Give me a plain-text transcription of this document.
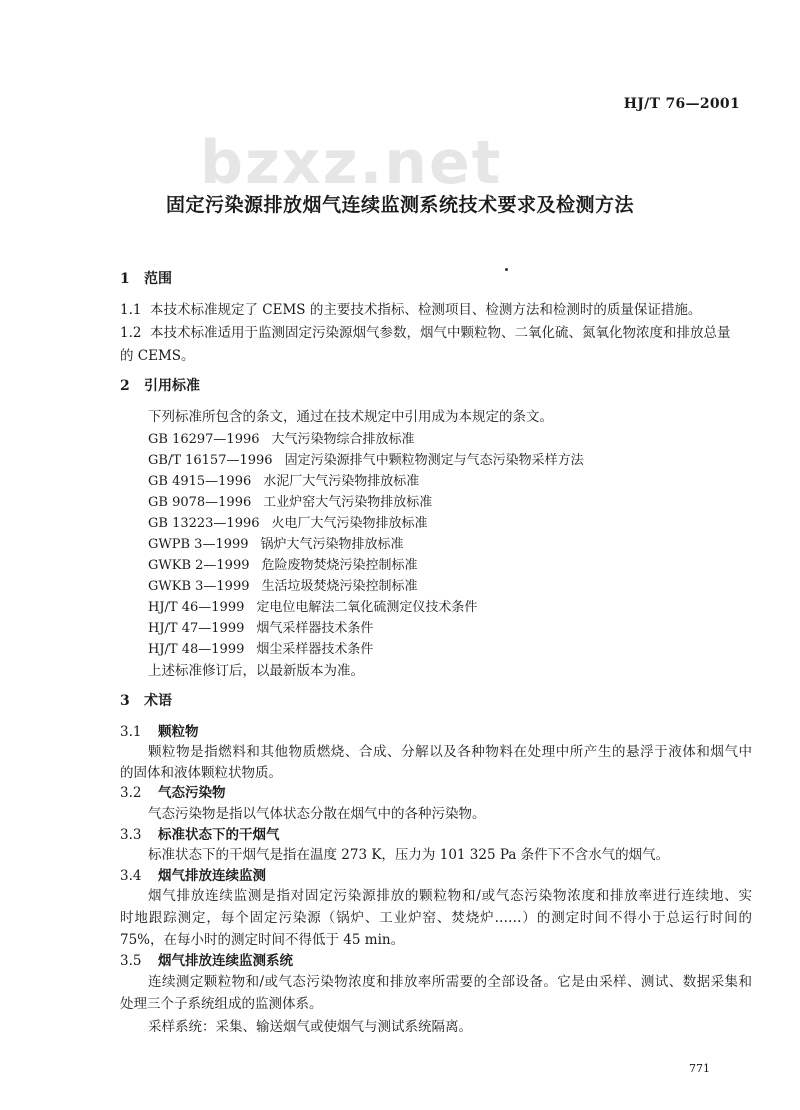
HJ/T 76—2001
bzxz.net
固定污染源排放烟气连续监测系统技术要求及检测方法
1 范围
1.1 本技术标准规定了 CEMS 的主要技术指标、检测项目、检测方法和检测时的质量保证措施。
1.2 本技术标准适用于监测固定污染源烟气参数，烟气中颗粒物、二氧化硫、氮氧化物浓度和排放总量
的 CEMS。
2 引用标准
下列标准所包含的条文，通过在技术规定中引用成为本规定的条文。
GB 16297—1996 大气污染物综合排放标准
GB/T 16157—1996 固定污染源排气中颗粒物测定与气态污染物采样方法
GB 4915—1996 水泥厂大气污染物排放标准
GB 9078—1996 工业炉窑大气污染物排放标准
GB 13223—1996 火电厂大气污染物排放标准
GWPB 3—1999 锅炉大气污染物排放标准
GWKB 2—1999 危险废物焚烧污染控制标准
GWKB 3—1999 生活垃圾焚烧污染控制标准
HJ/T 46—1999 定电位电解法二氧化硫测定仪技术条件
HJ/T 47—1999 烟气采样器技术条件
HJ/T 48—1999 烟尘采样器技术条件
上述标准修订后，以最新版本为准。
3 术语
3.1 颗粒物
颗粒物是指燃料和其他物质燃烧、合成、分解以及各种物料在处理中所产生的悬浮于液体和烟气中
的固体和液体颗粒状物质。
3.2 气态污染物
气态污染物是指以气体状态分散在烟气中的各种污染物。
3.3 标准状态下的干烟气
标准状态下的干烟气是指在温度 273 K，压力为 101 325 Pa 条件下不含水气的烟气。
3.4 烟气排放连续监测
烟气排放连续监测是指对固定污染源排放的颗粒物和/或气态污染物浓度和排放率进行连续地、实
时地跟踪测定，每个固定污染源（锅炉、工业炉窑、焚烧炉……）的测定时间不得小于总运行时间的
75%，在每小时的测定时间不得低于 45 min。
3.5 烟气排放连续监测系统
连续测定颗粒物和/或气态污染物浓度和排放率所需要的全部设备。它是由采样、测试、数据采集和
处理三个子系统组成的监测体系。
采样系统：采集、输送烟气或使烟气与测试系统隔离。
771
